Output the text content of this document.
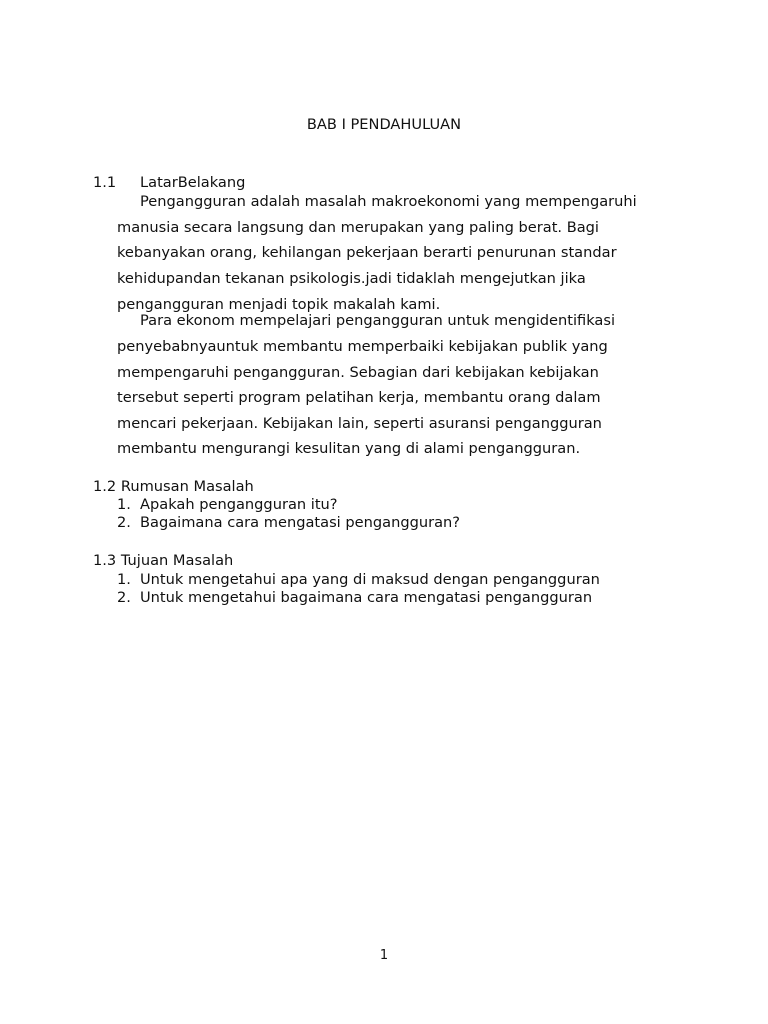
BAB I PENDAHULUAN
1.1 LatarBelakang
Pengangguran adalah masalah makroekonomi yang mempengaruhi
manusia secara langsung dan merupakan yang paling berat. Bagi
kebanyakan orang, kehilangan pekerjaan berarti penurunan standar
kehidupandan tekanan psikologis.jadi tidaklah mengejutkan jika
pengangguran menjadi topik makalah kami.
Para ekonom mempelajari pengangguran untuk mengidentifikasi
penyebabnyauntuk membantu memperbaiki kebijakan publik yang
mempengaruhi pengangguran. Sebagian dari kebijakan kebijakan
tersebut seperti program pelatihan kerja, membantu orang dalam
mencari pekerjaan. Kebijakan lain, seperti asuransi pengangguran
membantu mengurangi kesulitan yang di alami pengangguran.
1.2 Rumusan Masalah
1. Apakah pengangguran itu?
2. Bagaimana cara mengatasi pengangguran?
1.3 Tujuan Masalah
1. Untuk mengetahui apa yang di maksud dengan pengangguran
2. Untuk mengetahui bagaimana cara mengatasi pengangguran
1
